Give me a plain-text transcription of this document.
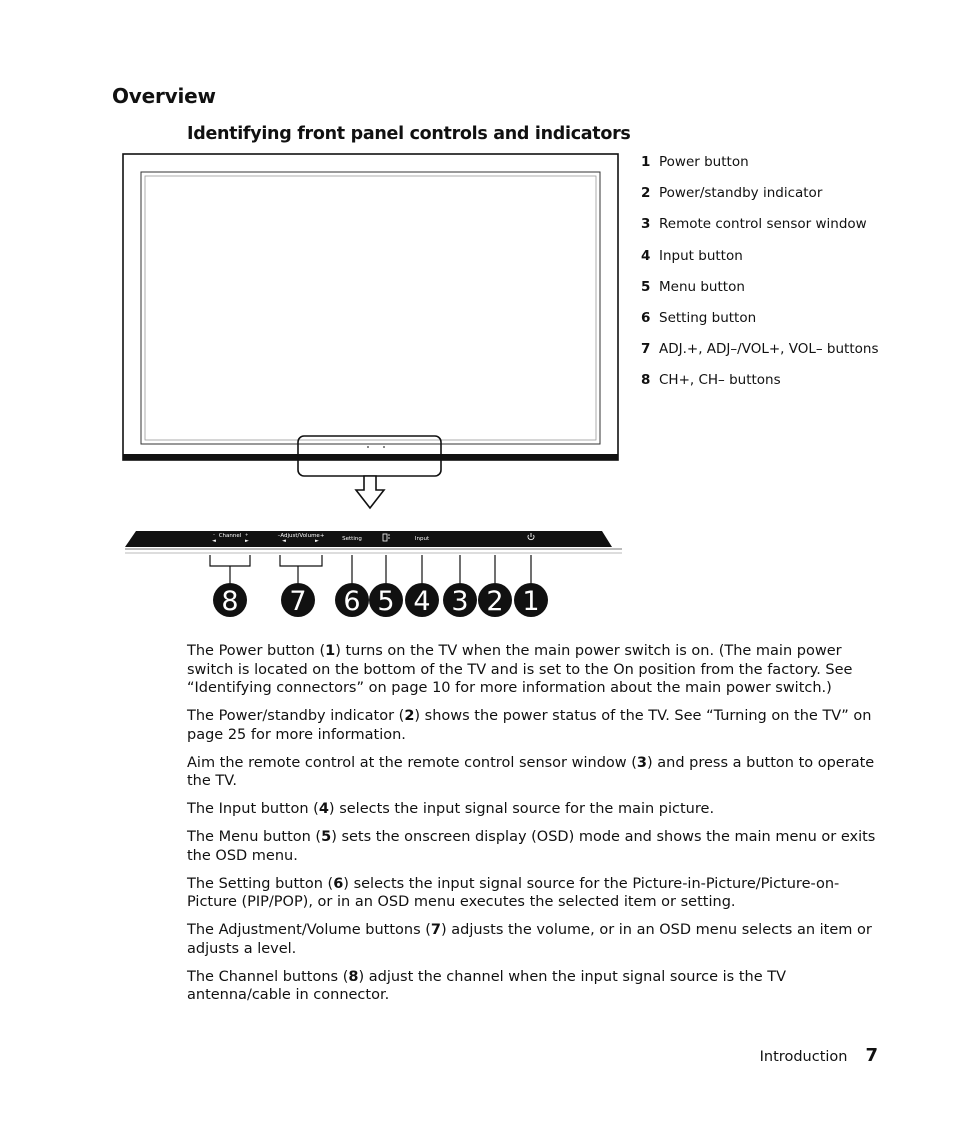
Overview
Identifying front panel controls and indicators
Channel
◄	►
–	+	–Adjust/Volume+
◄	►	Setting	Input
8 7 6 5 4 3 2 1
1 Power button
2 Power/standby indicator
3 Remote control sensor window
4 Input button
5 Menu button
6 Setting button
7 ADJ.+, ADJ–/VOL+, VOL– buttons
8 CH+, CH– buttons

The Power button (1) turns on the TV when the main power switch is on. (The main power switch is located on the bottom of the TV and is set to the On position from the factory. See “Identifying connectors” on page 10 for more information about the main power switch.)

The Power/standby indicator (2) shows the power status of the TV. See “Turning on the TV” on page 25 for more information.

Aim the remote control at the remote control sensor window (3) and press a button to operate the TV.

The Input button (4) selects the input signal source for the main picture.

The Menu button (5) sets the onscreen display (OSD) mode and shows the main menu or exits the OSD menu.

The Setting button (6) selects the input signal source for the Picture-in-Picture/Picture-on-Picture (PIP/POP), or in an OSD menu executes the selected item or setting.

The Adjustment/Volume buttons (7) adjusts the volume, or in an OSD menu selects an item or adjusts a level.

The Channel buttons (8) adjust the channel when the input signal source is the TV antenna/cable in connector.

Introduction 7
